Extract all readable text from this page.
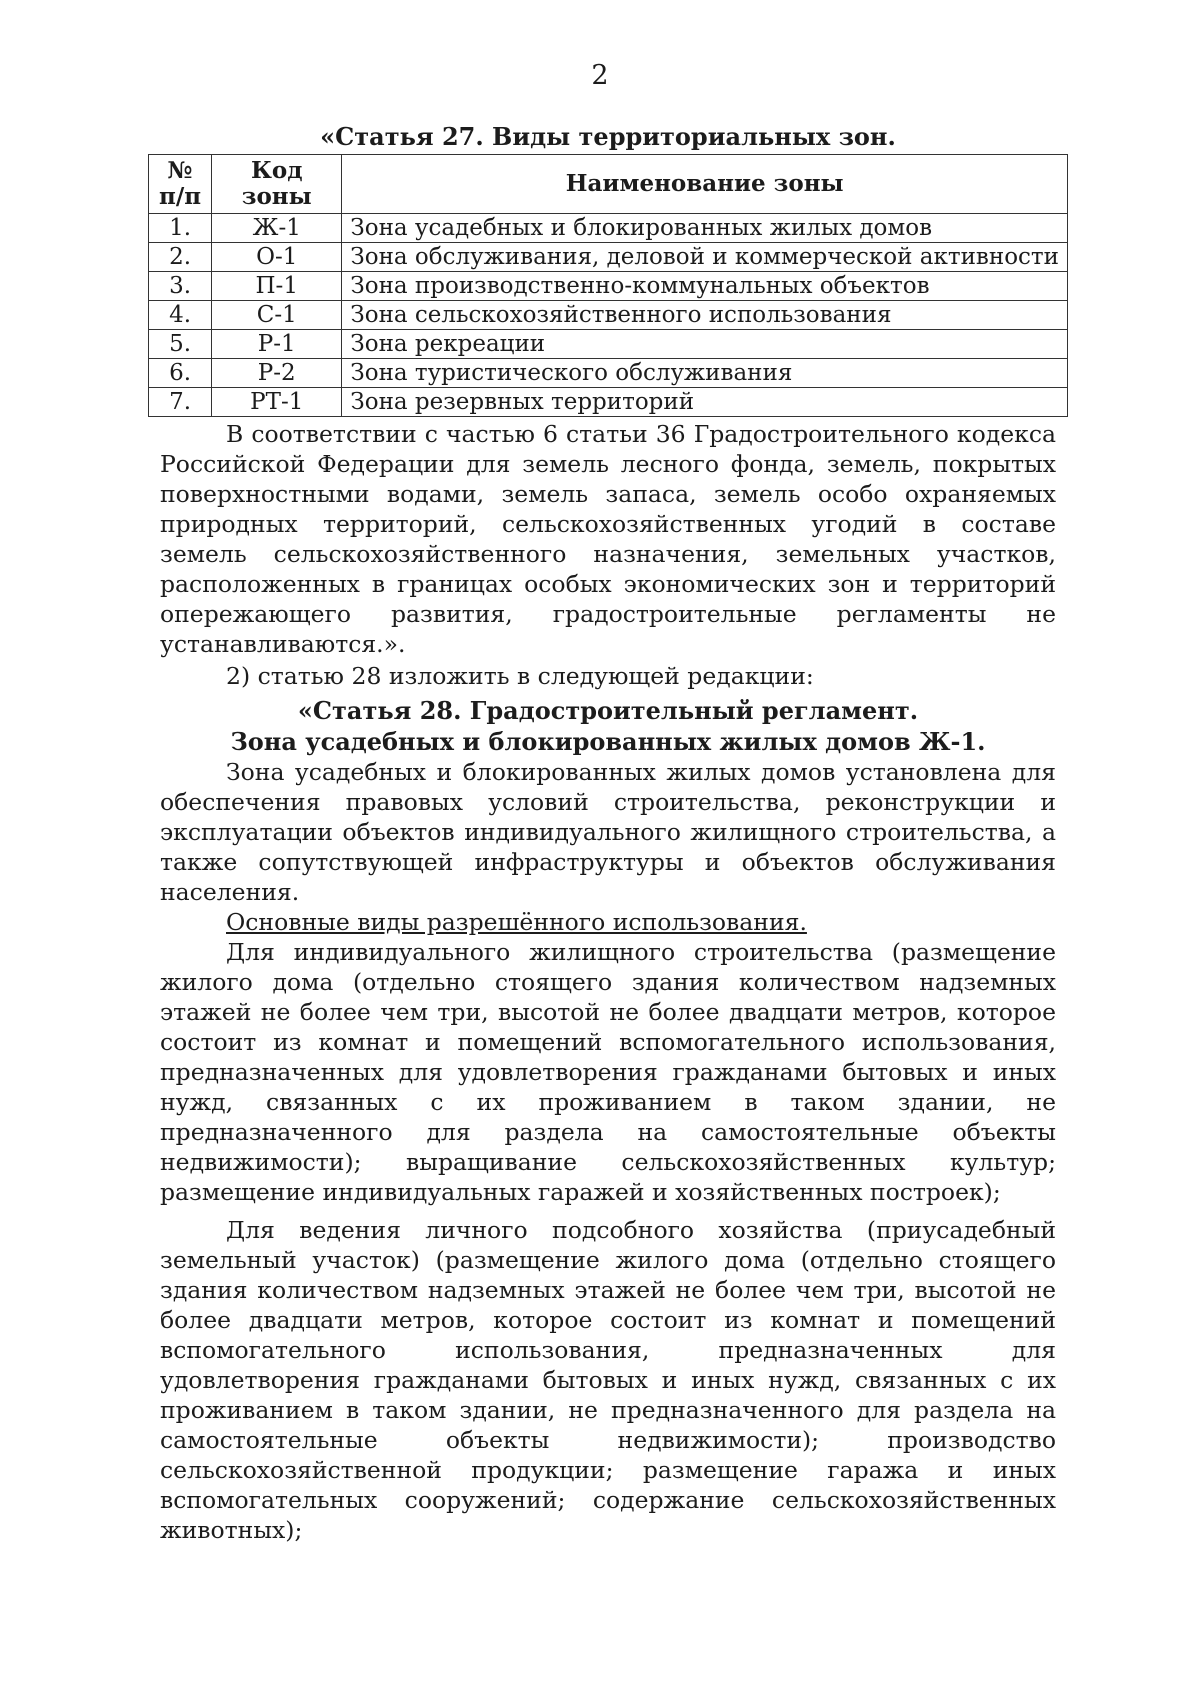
2
«Статья 27. Виды территориальных зон.
№ п/п	Код зоны	Наименование зоны
1.	Ж-1	Зона усадебных и блокированных жилых домов
2.	О-1	Зона обслуживания, деловой и коммерческой активности
3.	П-1	Зона производственно-коммунальных объектов
4.	С-1	Зона сельскохозяйственного использования
5.	Р-1	Зона рекреации
6.	Р-2	Зона туристического обслуживания
7.	РТ-1	Зона резервных территорий

В соответствии с частью 6 статьи 36 Градостроительного кодекса Российской Федерации для земель лесного фонда, земель, покрытых поверхностными водами, земель запаса, земель особо охраняемых природных территорий, сельскохозяйственных угодий в составе земель сельскохозяйственного назначения, земельных участков, расположенных в границах особых экономических зон и территорий опережающего развития, градостроительные регламенты не устанавливаются.».

2) статью 28 изложить в следующей редакции:

«Статья 28. Градостроительный регламент.
Зона усадебных и блокированных жилых домов Ж-1.

Зона усадебных и блокированных жилых домов установлена для обеспечения правовых условий строительства, реконструкции и эксплуатации объектов индивидуального жилищного строительства, а также сопутствующей инфраструктуры и объектов обслуживания населения.

Основные виды разрешённого использования.

Для индивидуального жилищного строительства (размещение жилого дома (отдельно стоящего здания количеством надземных этажей не более чем три, высотой не более двадцати метров, которое состоит из комнат и помещений вспомогательного использования, предназначенных для удовлетворения гражданами бытовых и иных нужд, связанных с их проживанием в таком здании, не предназначенного для раздела на самостоятельные объекты недвижимости); выращивание сельскохозяйственных культур; размещение индивидуальных гаражей и хозяйственных построек);

Для ведения личного подсобного хозяйства (приусадебный земельный участок) (размещение жилого дома (отдельно стоящего здания количеством надземных этажей не более чем три, высотой не более двадцати метров, которое состоит из комнат и помещений вспомогательного использования, предназначенных для удовлетворения гражданами бытовых и иных нужд, связанных с их проживанием в таком здании, не предназначенного для раздела на самостоятельные объекты недвижимости); производство сельскохозяйственной продукции; размещение гаража и иных вспомогательных сооружений; содержание сельскохозяйственных животных);
